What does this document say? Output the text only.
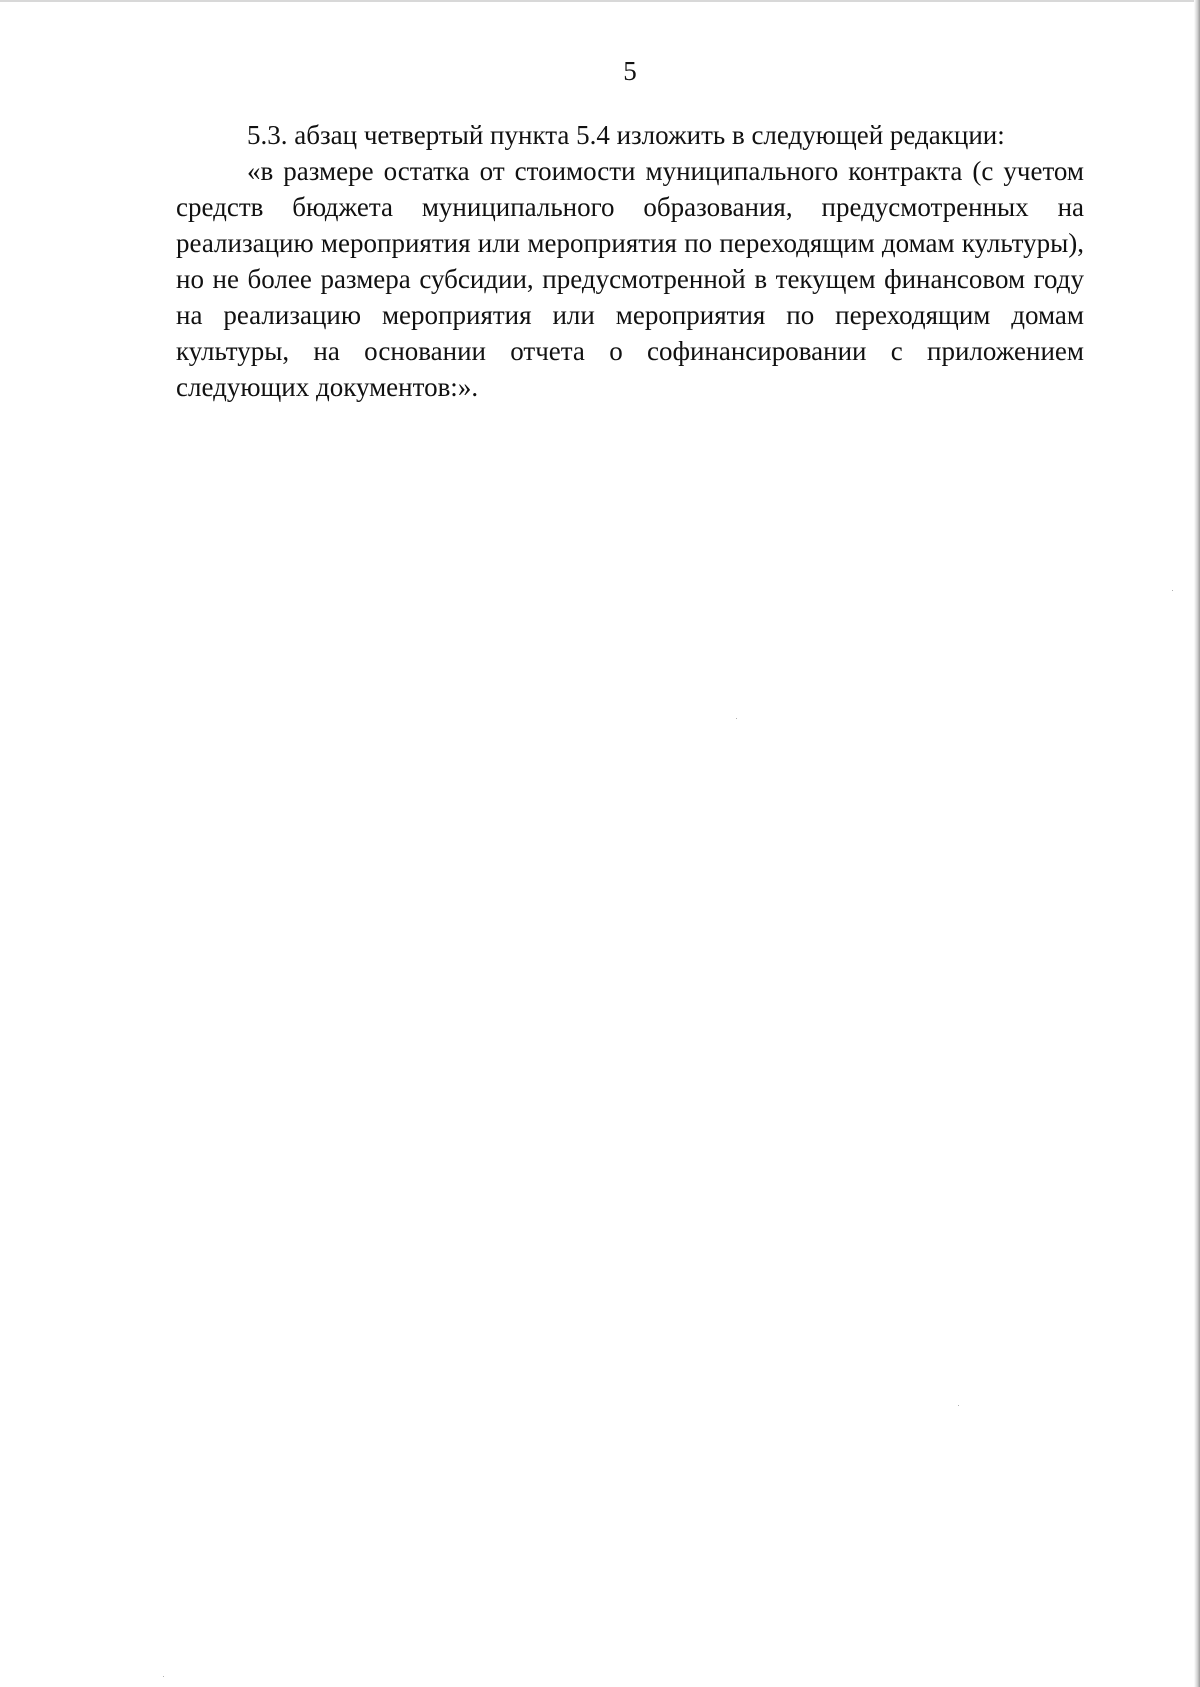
5

5.3. абзац четвертый пункта 5.4 изложить в следующей редакции:

«в размере остатка от стоимости муниципального контракта (с учетом средств бюджета муниципального образования, предусмотренных на реализацию мероприятия или мероприятия по переходящим домам культуры), но не более размера субсидии, предусмотренной в текущем финансовом году на реализацию мероприятия или мероприятия по переходящим домам культуры, на основании отчета о софинансировании с приложением следующих документов:».
